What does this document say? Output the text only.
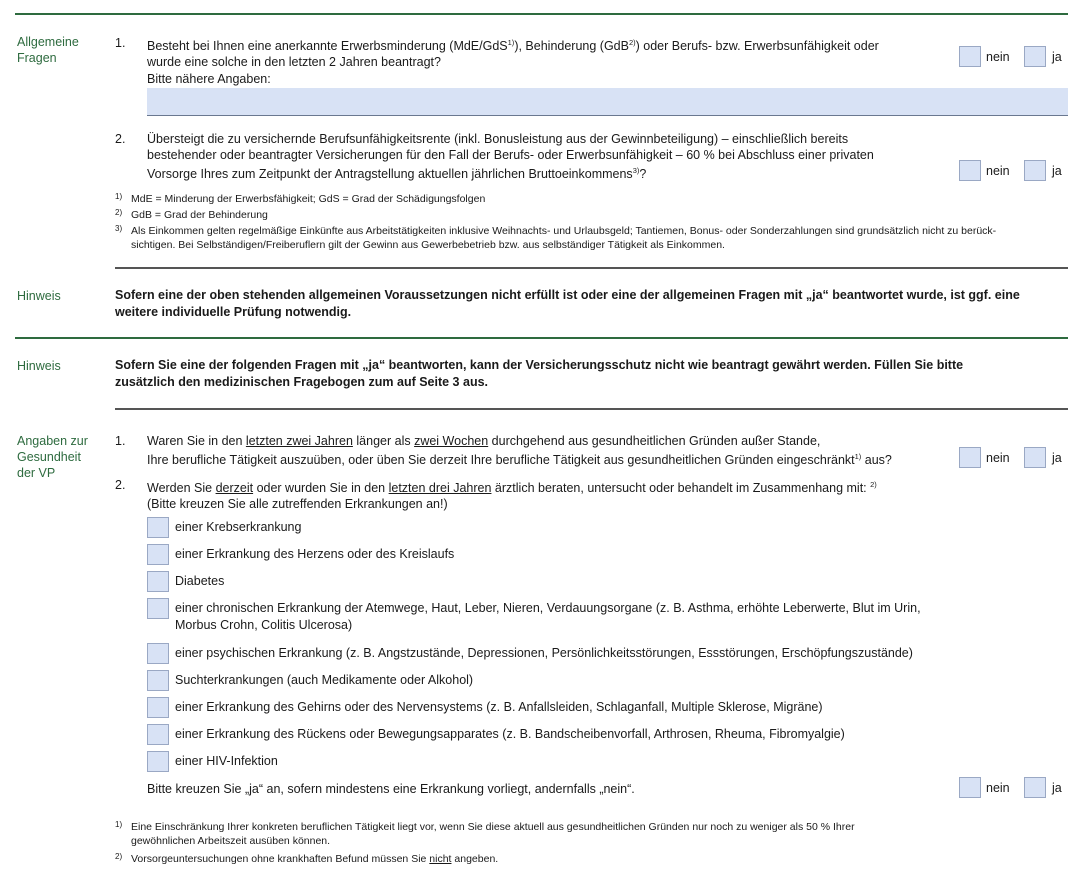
Allgemeine
Fragen
1. Besteht bei Ihnen eine anerkannte Erwerbsminderung (MdE/GdS$^{1)}$), Behinderung (GdB$^{2)}$) oder Berufs- bzw. Erwerbsunfähigkeit oder
wurde eine solche in den letzten 2 Jahren beantragt?	nein	ja
Bitte nähere Angaben:
2. Übersteigt die zu versichernde Berufsunfähigkeitsrente (inkl. Bonusleistung aus der Gewinnbeteiligung) – einschließlich bereits
bestehender oder beantragter Versicherungen für den Fall der Berufs- oder Erwerbsunfähigkeit – 60 % bei Abschluss einer privaten
Vorsorge Ihres zum Zeitpunkt der Antragstellung aktuellen jährlichen Bruttoeinkommens$^{3)}$?	nein	ja
1) MdE = Minderung der Erwerbsfähigkeit; GdS = Grad der Schädigungsfolgen
2) GdB = Grad der Behinderung
3) Als Einkommen gelten regelmäßige Einkünfte aus Arbeitstätigkeiten inklusive Weihnachts- und Urlaubsgeld; Tantiemen, Bonus- oder Sonderzahlungen sind grundsätzlich nicht zu berück-
sichtigen. Bei Selbständigen/Freiberuflern gilt der Gewinn aus Gewerbebetrieb bzw. aus selbständiger Tätigkeit als Einkommen.
Hinweis	Sofern eine der oben stehenden allgemeinen Voraussetzungen nicht erfüllt ist oder eine der allgemeinen Fragen mit „ja“ beantwortet wurde, ist ggf. eine
weitere individuelle Prüfung notwendig.
Hinweis	Sofern Sie eine der folgenden Fragen mit „ja“ beantworten, kann der Versicherungsschutz nicht wie beantragt gewährt werden. Füllen Sie bitte
zusätzlich den medizinischen Fragebogen zum auf Seite 3 aus.
Angaben zur
Gesundheit
der VP
1. Waren Sie in den letzten zwei Jahren länger als zwei Wochen durchgehend aus gesundheitlichen Gründen außer Stande,
Ihre berufliche Tätigkeit auszuüben, oder üben Sie derzeit Ihre berufliche Tätigkeit aus gesundheitlichen Gründen eingeschränkt$^{1)}$ aus?	nein	ja
2. Werden Sie derzeit oder wurden Sie in den letzten drei Jahren ärztlich beraten, untersucht oder behandelt im Zusammenhang mit: $^{2)}$
(Bitte kreuzen Sie alle zutreffenden Erkrankungen an!)
einer Krebserkrankung
einer Erkrankung des Herzens oder des Kreislaufs
Diabetes
einer chronischen Erkrankung der Atemwege, Haut, Leber, Nieren, Verdauungsorgane (z. B. Asthma, erhöhte Leberwerte, Blut im Urin,
Morbus Crohn, Colitis Ulcerosa)
einer psychischen Erkrankung (z. B. Angstzustände, Depressionen, Persönlichkeitsstörungen, Essstörungen, Erschöpfungszustände)
Suchterkrankungen (auch Medikamente oder Alkohol)
einer Erkrankung des Gehirns oder des Nervensystems (z. B. Anfallsleiden, Schlaganfall, Multiple Sklerose, Migräne)
einer Erkrankung des Rückens oder Bewegungsapparates (z. B. Bandscheibenvorfall, Arthrosen, Rheuma, Fibromyalgie)
einer HIV-Infektion
Bitte kreuzen Sie „ja“ an, sofern mindestens eine Erkrankung vorliegt, andernfalls „nein“.	nein	ja
1) Eine Einschränkung Ihrer konkreten beruflichen Tätigkeit liegt vor, wenn Sie diese aktuell aus gesundheitlichen Gründen nur noch zu weniger als 50 % Ihrer
gewöhnlichen Arbeitszeit ausüben können.
2) Vorsorgeuntersuchungen ohne krankhaften Befund müssen Sie nicht angeben.
